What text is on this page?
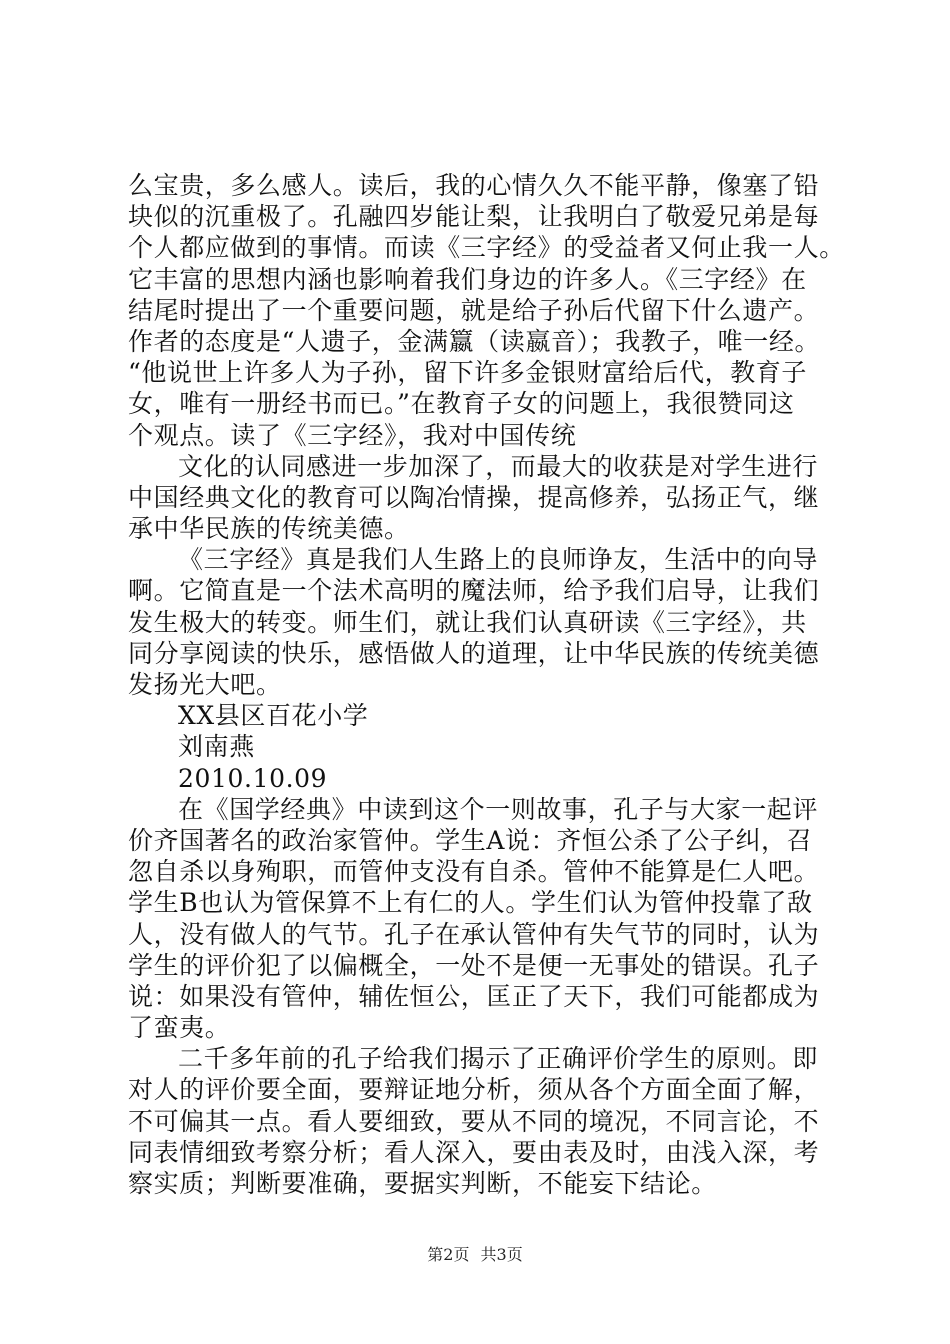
么宝贵，多么感人。读后，我的心情久久不能平静，像塞了铅
块似的沉重极了。孔融四岁能让梨，让我明白了敬爱兄弟是每
个人都应做到的事情。而读《三字经》的受益者又何止我一人。
它丰富的思想内涵也影响着我们身边的许多人。《三字经》在
结尾时提出了一个重要问题，就是给子孙后代留下什么遗产。
作者的态度是“人遗子，金满籝（读嬴音）；我教子，唯一经。
“他说世上许多人为子孙，留下许多金银财富给后代，教育子
女，唯有一册经书而已。”在教育子女的问题上，我很赞同这
个观点。读了《三字经》，我对中国传统
文化的认同感进一步加深了，而最大的收获是对学生进行
中国经典文化的教育可以陶冶情操，提高修养，弘扬正气，继
承中华民族的传统美德。
《三字经》真是我们人生路上的良师诤友，生活中的向导
啊。它简直是一个法术高明的魔法师，给予我们启导，让我们
发生极大的转变。师生们，就让我们认真研读《三字经》，共
同分享阅读的快乐，感悟做人的道理，让中华民族的传统美德
发扬光大吧。
XX县区百花小学
刘南燕
2010.10.09
在《国学经典》中读到这个一则故事，孔子与大家一起评
价齐国著名的政治家管仲。学生A说：齐恒公杀了公子纠，召
忽自杀以身殉职，而管仲支没有自杀。管仲不能算是仁人吧。
学生B也认为管保算不上有仁的人。学生们认为管仲投靠了敌
人，没有做人的气节。孔子在承认管仲有失气节的同时，认为
学生的评价犯了以偏概全，一处不是便一无事处的错误。孔子
说：如果没有管仲，辅佐恒公，匡正了天下，我们可能都成为
了蛮夷。
二千多年前的孔子给我们揭示了正确评价学生的原则。即
对人的评价要全面，要辩证地分析，须从各个方面全面了解，
不可偏其一点。看人要细致，要从不同的境况，不同言论，不
同表情细致考察分析；看人深入，要由表及时，由浅入深，考
察实质；判断要准确，要据实判断，不能妄下结论。
第2页 共3页
